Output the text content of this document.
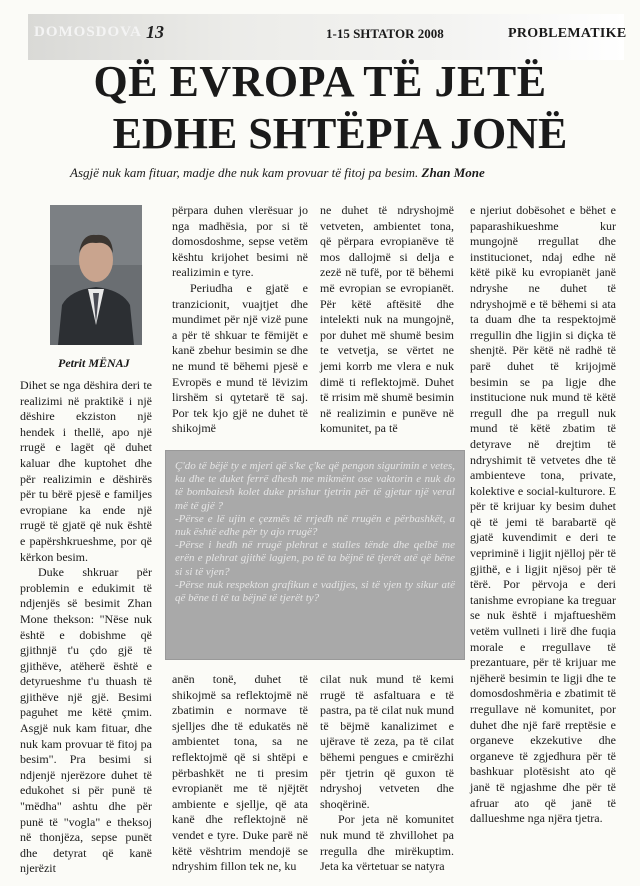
DOMOSDOVA 13	1-15 SHTATOR 2008	PROBLEMATIKE
QË EVROPA TË JETË
EDHE SHTËPIA JONË
Asgjë nuk kam fituar, madje dhe nuk kam provuar të fitoj pa besim. Zhan Mone
Petrit MËNAJ

Dihet se nga dëshira deri te realizimi në praktikë i një dëshire ekziston një hendek i thellë, apo një rrugë e lagët që duhet kaluar dhe kuptohet dhe për realizimin e dëshirës për tu bërë pjesë e familjes evropiane ka ende një rrugë të gjatë që nuk është e papërshkrueshme, por që kërkon besim.

Duke shkruar për problemin e edukimit të ndjenjës së besimit Zhan Mone thekson: "Nëse nuk është e dobishme që gjithnjë t'u çdo gjë të gjithëve, atëherë është e detyrueshme t'u thuash të gjithëve një gjë. Besimi paguhet me këtë çmim. Asgjë nuk kam fituar, dhe nuk kam provuar të fitoj pa besim". Pra besimi si ndjenjë njerëzore duhet të edukohet si për punë të "mëdha" ashtu dhe për punë të "vogla" e theksoj në thonjëza, sepse punët dhe detyrat që kanë njerëzit

përpara duhen vlerësuar jo nga madhësia, por si të domosdoshme, sepse vetëm kështu krijohet besimi në realizimin e tyre.

Periudha e gjatë e tranzicionit, vuajtjet dhe mundimet për një vizë pune a për të shkuar te fëmijët e kanë zbehur besimin se dhe ne mund të bëhemi pjesë e Evropës e mund të lëvizim lirshëm si qytetarë të saj. Por tek kjo gjë ne duhet të shikojmë

ne duhet të ndryshojmë vetveten, ambientet tona, që përpara evropianëve të mos dallojmë si delja e zezë në tufë, por të bëhemi më evropian se evropianët. Për këtë aftësitë dhe intelekti nuk na mungojnë, por duhet më shumë besim te vetvetja, se vërtet ne jemi korrb me vlera e nuk dimë ti reflektojmë. Duhet të rrisim më shumë besimin në realizimin e punëve në komunitet, pa të

e njeriut dobësohet e bëhet e paparashikueshme kur mungojnë rregullat dhe institucionet, ndaj edhe në këtë pikë ku evropianët janë ndryshe ne duhet të ndryshojmë e të bëhemi si ata ta duam dhe ta respektojmë rregullin dhe ligjin si diçka të shenjtë. Për këtë në radhë të parë duhet të krijojmë besimin se pa ligje dhe institucione nuk mund të këtë rregull dhe pa rregull nuk mund të këtë zbatim të detyrave në drejtim të ndryshimit të vetvetes dhe të ambienteve tona, private, kolektive e social-kulturore. E për të krijuar ky besim duhet që të jemi të barabartë që gjatë kuvendimit e deri te vepriminë i ligjit njëlloj për të gjithë, e i ligjit njësoj për të tërë. Por përvoja e deri tanishme evropiane ka treguar se nuk është i mjaftueshëm vetëm vullneti i lirë dhe fuqia morale e rregullave të prezantuare, për të krijuar me njëherë besimin te ligji dhe te domosdoshmëria e zbatimit të rregullave në komunitet, por duhet dhe një farë rreptësie e organeve ekzekutive dhe organeve të zgjedhura për të bashkuar plotësisht ato që janë të ngjashme dhe për të afruar ato që janë të dallueshme nga njëra tjetra.

Ç'do të bëjë ty e mjeri që s'ke ç'ke që pengon sigurimin e vetes, ku dhe te duket ferrë dhesh me mikmënt ose vaktorin e nuk do të bombaiesh kolet duke prishur tjetrin për të gjetur një veral më të gjë ?

-Përse e lë ujin e çezmës të rrjedh në rrugën e përbashkët, a nuk është edhe për ty ajo rrugë?

-Përse i hedh në rrugë plehrat e stalles tënde dhe qelbë me erën e plehrat gjithë lagjen, po të ta bëjnë të tjerët atë që bëne si si të vjen?

-Përse nuk respekton grafikun e vadijjes, si të vjen ty sikur atë që bëne ti të ta bëjnë të tjerët ty?

anën tonë, duhet të shikojmë sa reflektojmë në zbatimin e normave të sjelljes dhe të edukatës në ambientet tona, sa ne reflektojmë që si shtëpi e përbashkët ne ti presim evropianët me të njëjtët ambiente e sjellje, që ata kanë dhe reflektojnë në vendet e tyre. Duke parë në këtë vështrim mendojë se ndryshim fillon tek ne, ku

cilat nuk mund të kemi rrugë të asfaltuara e të pastra, pa të cilat nuk mund të bëjmë kanalizimet e ujërave të zeza, pa të cilat bëhemi pengues e cmirëzhi për tjetrin që guxon të ndryshoj vetveten dhe shoqërinë.

Por jeta në komunitet nuk mund të zhvillohet pa rregulla dhe mirëkuptim. Jeta ka vërtetuar se natyra
